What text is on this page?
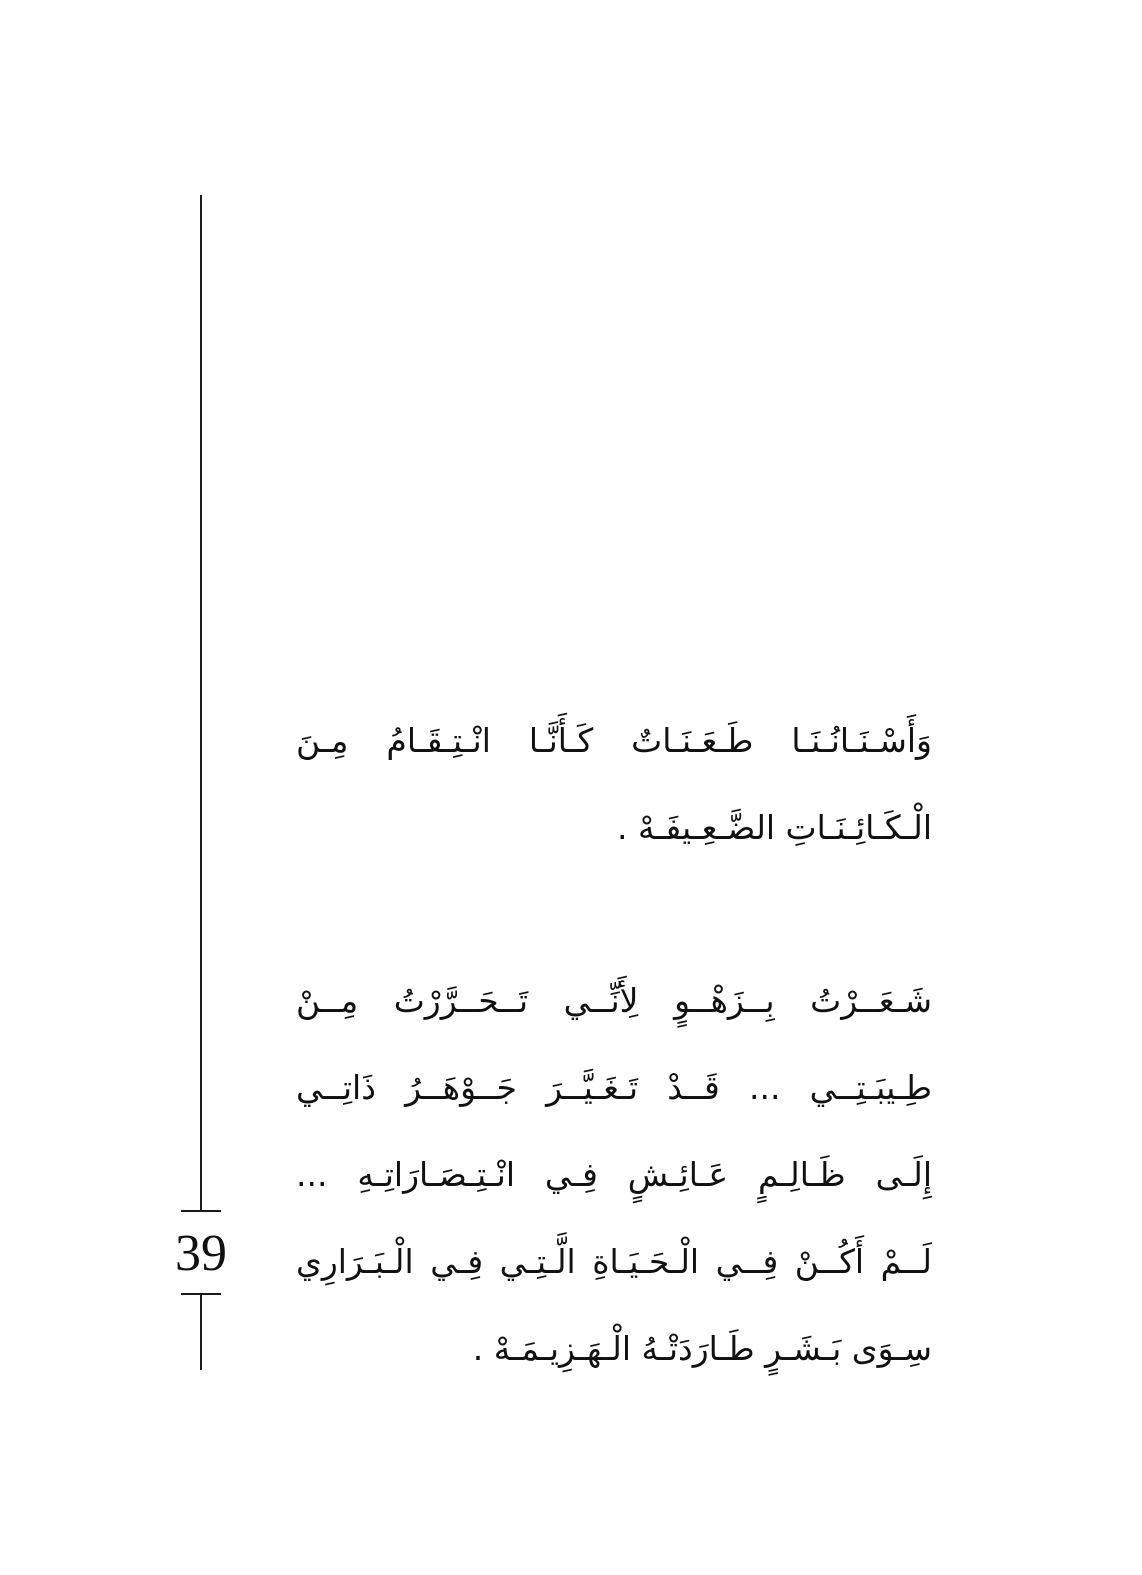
39
وَأَسْـنَـانُـنَـا طَـعَـنَـاتٌ كَـأَنَّـا انْـتِـقَـامُ مِـنَ
الْـكَـائِـنَـاتِ الضَّـعِـيفَـهْ .
شَـعَــرْتُ بِــزَهْــوٍ لِأَنِّــي تَــحَــرَّرْتُ مِــنْ
طِـيبَـتِــي ... قَــدْ تَـغَـيَّــرَ جَــوْهَــرُ ذَاتِــي
إِلَـى ظَـالِـمٍ عَـائِـشٍ فِـي انْـتِـصَـارَاتِـهِ ...
لَــمْ أَكُــنْ فِــي الْـحَـيَـاةِ الَّـتِـي فِـي الْـبَـرَارِي
سِـوَى بَـشَـرٍ طَـارَدَتْـهُ الْـهَـزِيـمَـهْ .
